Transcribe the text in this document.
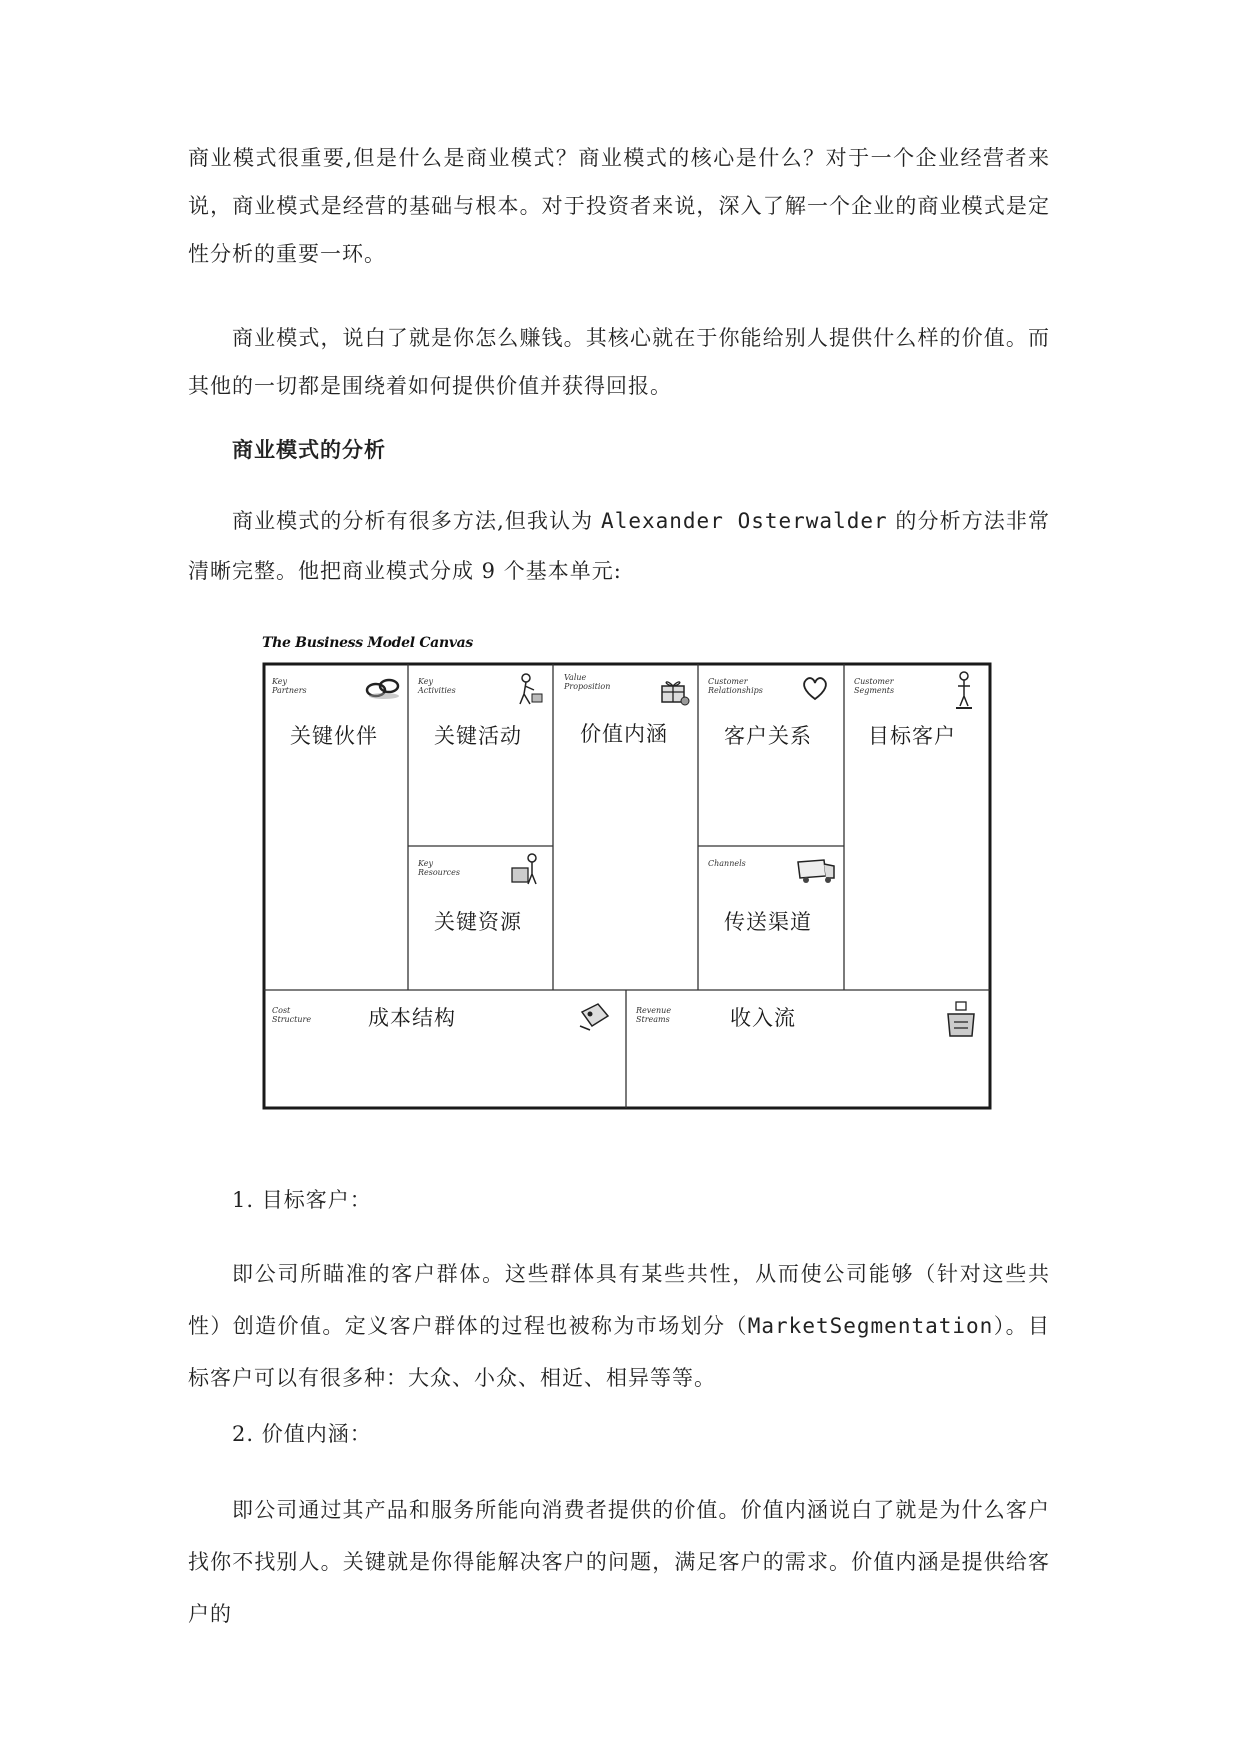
商业模式很重要,但是什么是商业模式？商业模式的核心是什么？对于一个企业经营者来说，商业模式是经营的基础与根本。对于投资者来说，深入了解一个企业的商业模式是定性分析的重要一环。

商业模式，说白了就是你怎么赚钱。其核心就在于你能给别人提供什么样的价值。而其他的一切都是围绕着如何提供价值并获得回报。

商业模式的分析

商业模式的分析有很多方法,但我认为 Alexander Osterwalder 的分析方法非常清晰完整。他把商业模式分成 9 个基本单元:

The Business Model Canvas
Key
Partners
关键伙伴
Key
Activities
关键活动
Key
Resources
关键资源
Value
Proposition
价值内涵
Customer
Relationships
客户关系
Channels
传送渠道
Customer
Segments
目标客户
Cost
Structure	成本结构	Revenue
Streams	收入流

1. 目标客户：

即公司所瞄准的客户群体。这些群体具有某些共性，从而使公司能够（针对这些共性）创造价值。定义客户群体的过程也被称为市场划分（MarketSegmentation）。目标客户可以有很多种：大众、小众、相近、相异等等。

2. 价值内涵：

即公司通过其产品和服务所能向消费者提供的价值。价值内涵说白了就是为什么客户找你不找别人。关键就是你得能解决客户的问题，满足客户的需求。价值内涵是提供给客户的
